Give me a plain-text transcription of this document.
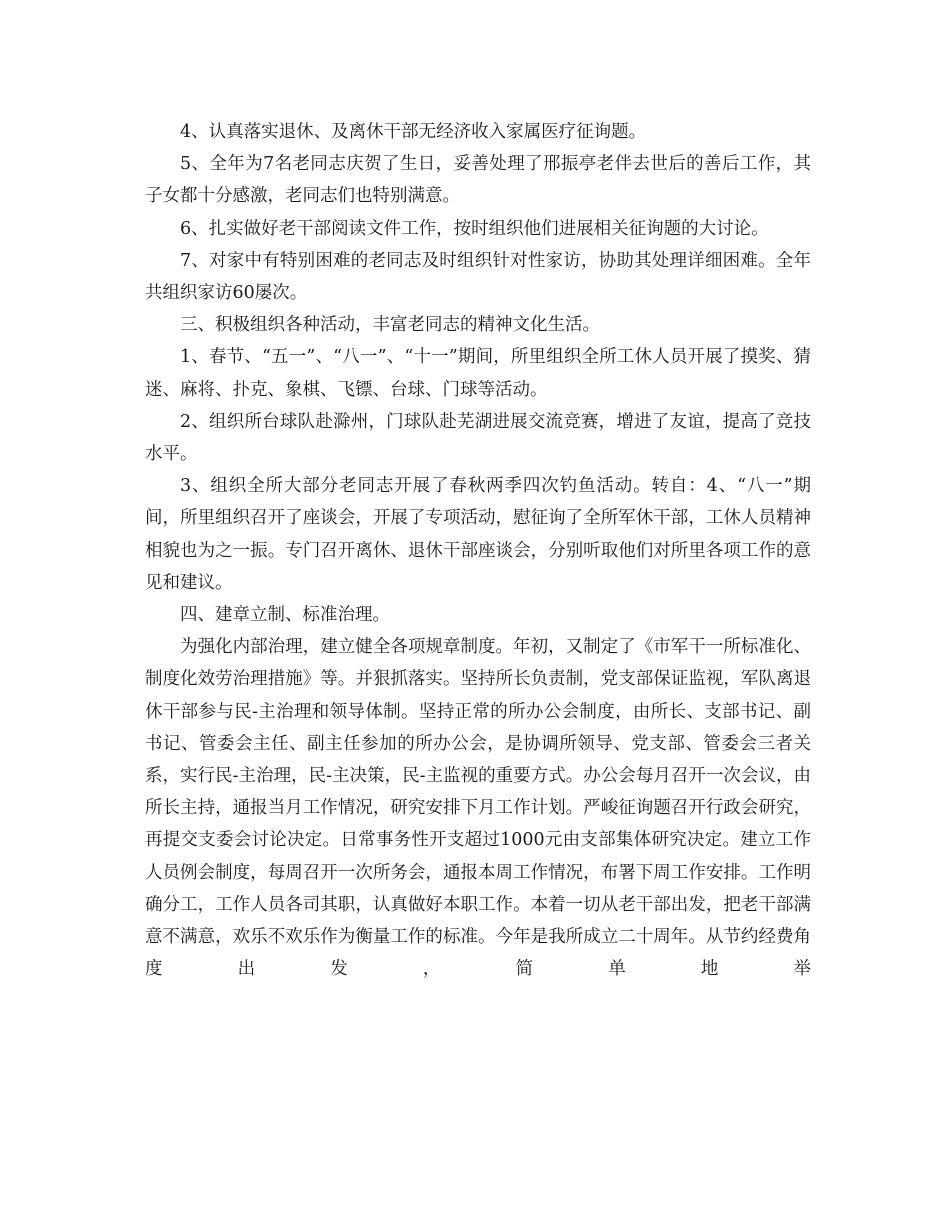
4、认真落实退休、及离休干部无经济收入家属医疗征询题。

5、全年为7名老同志庆贺了生日，妥善处理了邢振亭老伴去世后的善后工作，其子女都十分感激，老同志们也特别满意。

6、扎实做好老干部阅读文件工作，按时组织他们进展相关征询题的大讨论。

7、对家中有特别困难的老同志及时组织针对性家访，协助其处理详细困难。全年共组织家访60屡次。

三、积极组织各种活动，丰富老同志的精神文化生活。

1、春节、“五一”、“八一”、“十一”期间，所里组织全所工休人员开展了摸奖、猜迷、麻将、扑克、象棋、飞镖、台球、门球等活动。

2、组织所台球队赴滁州，门球队赴芜湖进展交流竞赛，增进了友谊，提高了竞技水平。

3、组织全所大部分老同志开展了春秋两季四次钓鱼活动。转自：4、“八一”期间，所里组织召开了座谈会，开展了专项活动，慰征询了全所军休干部，工休人员精神相貌也为之一振。专门召开离休、退休干部座谈会，分别听取他们对所里各项工作的意见和建议。

四、建章立制、标准治理。

为强化内部治理，建立健全各项规章制度。年初，又制定了《市军干一所标准化、制度化效劳治理措施》等。并狠抓落实。坚持所长负责制，党支部保证监视，军队离退休干部参与民-主治理和领导体制。坚持正常的所办公会制度，由所长、支部书记、副书记、管委会主任、副主任参加的所办公会，是协调所领导、党支部、管委会三者关系，实行民-主治理，民-主决策，民-主监视的重要方式。办公会每月召开一次会议，由所长主持，通报当月工作情况，研究安排下月工作计划。严峻征询题召开行政会研究，再提交支委会讨论决定。日常事务性开支超过1000元由支部集体研究决定。建立工作人员例会制度，每周召开一次所务会，通报本周工作情况，布署下周工作安排。工作明确分工，工作人员各司其职，认真做好本职工作。本着一切从老干部出发，把老干部满意不满意，欢乐不欢乐作为衡量工作的标准。今年是我所成立二十周年。从节约经费角度出发，简单地举
